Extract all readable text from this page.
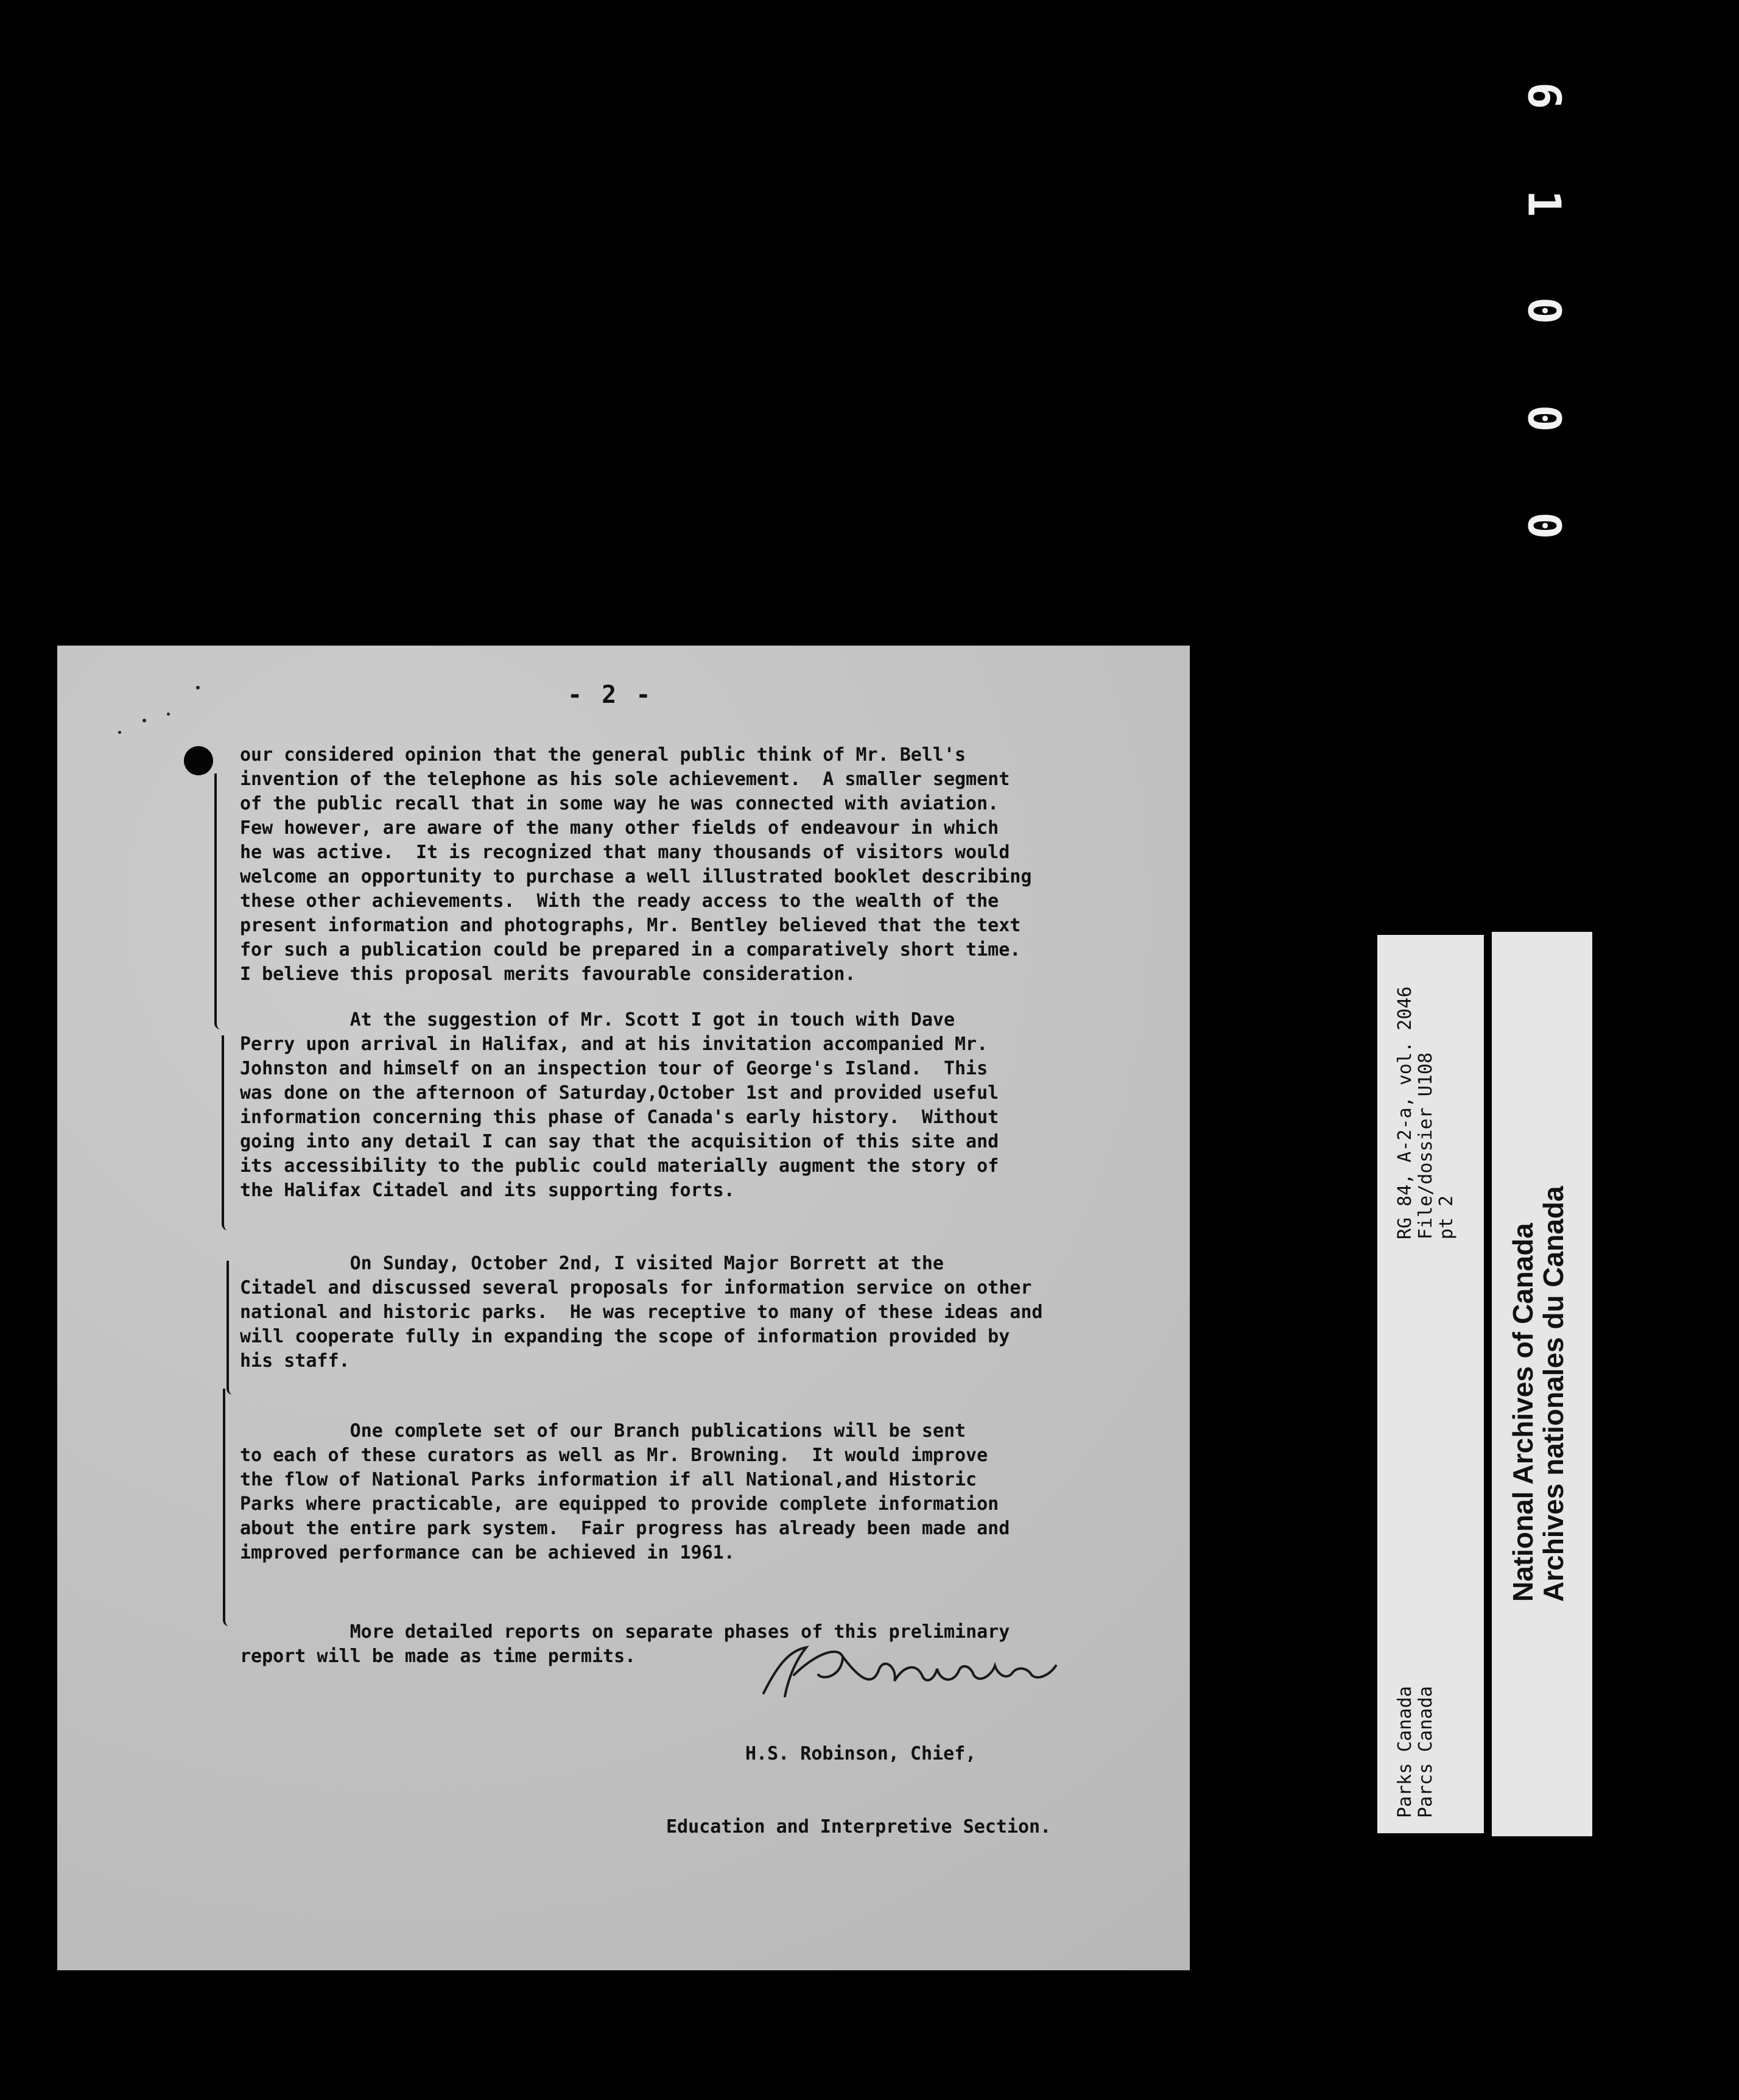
6
1
0
0
0
- 2 -

our considered opinion that the general public think of Mr. Bell's
invention of the telephone as his sole achievement.  A smaller segment
of the public recall that in some way he was connected with aviation.
Few however, are aware of the many other fields of endeavour in which
he was active.  It is recognized that many thousands of visitors would
welcome an opportunity to purchase a well illustrated booklet describing
these other achievements.  With the ready access to the wealth of the
present information and photographs, Mr. Bentley believed that the text
for such a publication could be prepared in a comparatively short time.
I believe this proposal merits favourable consideration.

At the suggestion of Mr. Scott I got in touch with Dave
Perry upon arrival in Halifax, and at his invitation accompanied Mr.
Johnston and himself on an inspection tour of George's Island.  This
was done on the afternoon of Saturday,October 1st and provided useful
information concerning this phase of Canada's early history.  Without
going into any detail I can say that the acquisition of this site and
its accessibility to the public could materially augment the story of
the Halifax Citadel and its supporting forts.

On Sunday, October 2nd, I visited Major Borrett at the
Citadel and discussed several proposals for information service on other
national and historic parks.  He was receptive to many of these ideas and
will cooperate fully in expanding the scope of information provided by
his staff.

One complete set of our Branch publications will be sent
to each of these curators as well as Mr. Browning.  It would improve
the flow of National Parks information if all National,and Historic
Parks where practicable, are equipped to provide complete information
about the entire park system.  Fair progress has already been made and
improved performance can be achieved in 1961.

More detailed reports on separate phases of this preliminary
report will be made as time permits.

H.S. Robinson, Chief,

Education and Interpretive Section.

RG 84, A-2-a, vol. 2046 File/dossier U108 pt 2
Parks Canada Parcs Canada
National Archives of Canada
Archives nationales du Canada
